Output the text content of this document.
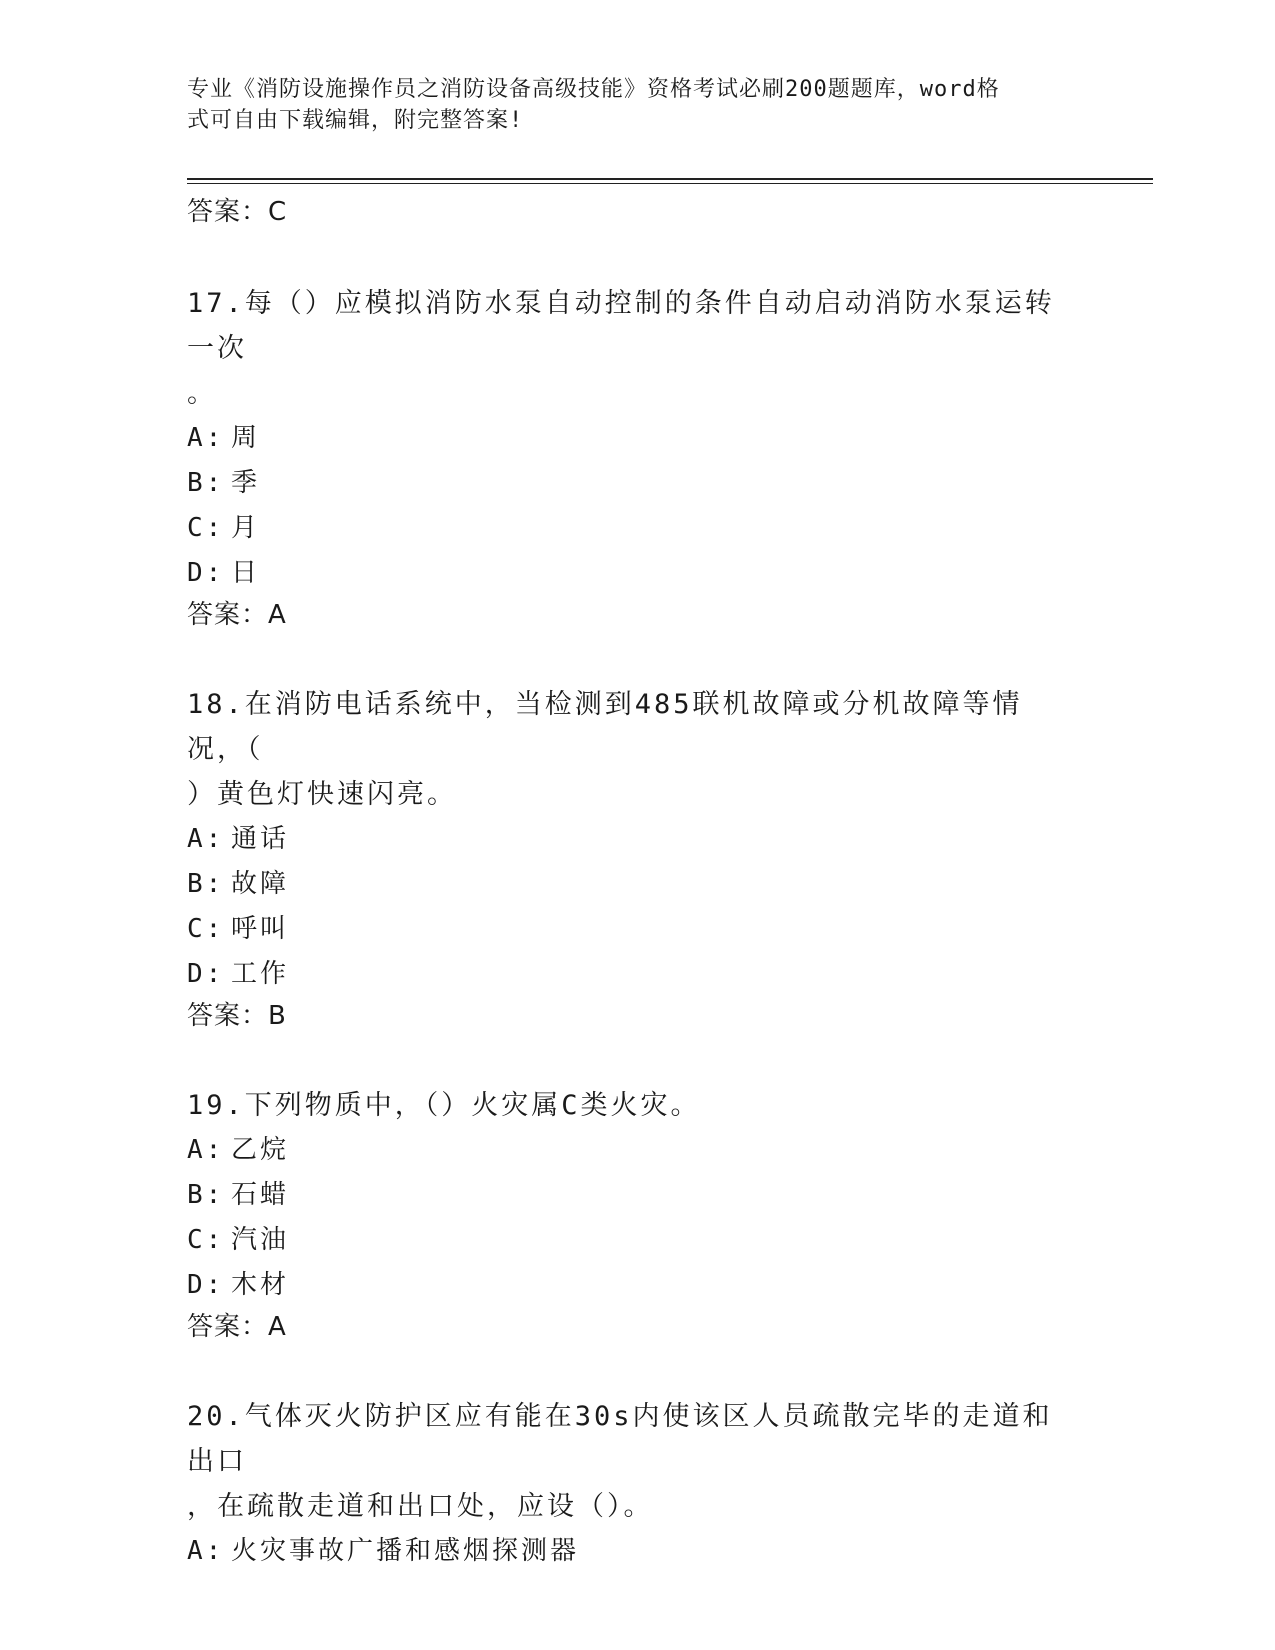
专业《消防设施操作员之消防设备高级技能》资格考试必刷200题题库，word格
式可自由下载编辑，附完整答案!
答案：C
17.每（）应模拟消防水泵自动控制的条件自动启动消防水泵运转一次
。
A: 周
B: 季
C: 月
D: 日
答案：A
18.在消防电话系统中，当检测到485联机故障或分机故障等情况，（
）黄色灯快速闪亮。
A: 通话
B: 故障
C: 呼叫
D: 工作
答案：B
19.下列物质中，（）火灾属C类火灾。
A: 乙烷
B: 石蜡
C: 汽油
D: 木材
答案：A
20.气体灭火防护区应有能在30s内使该区人员疏散完毕的走道和出口
，在疏散走道和出口处，应设（）。
A: 火灾事故广播和感烟探测器
